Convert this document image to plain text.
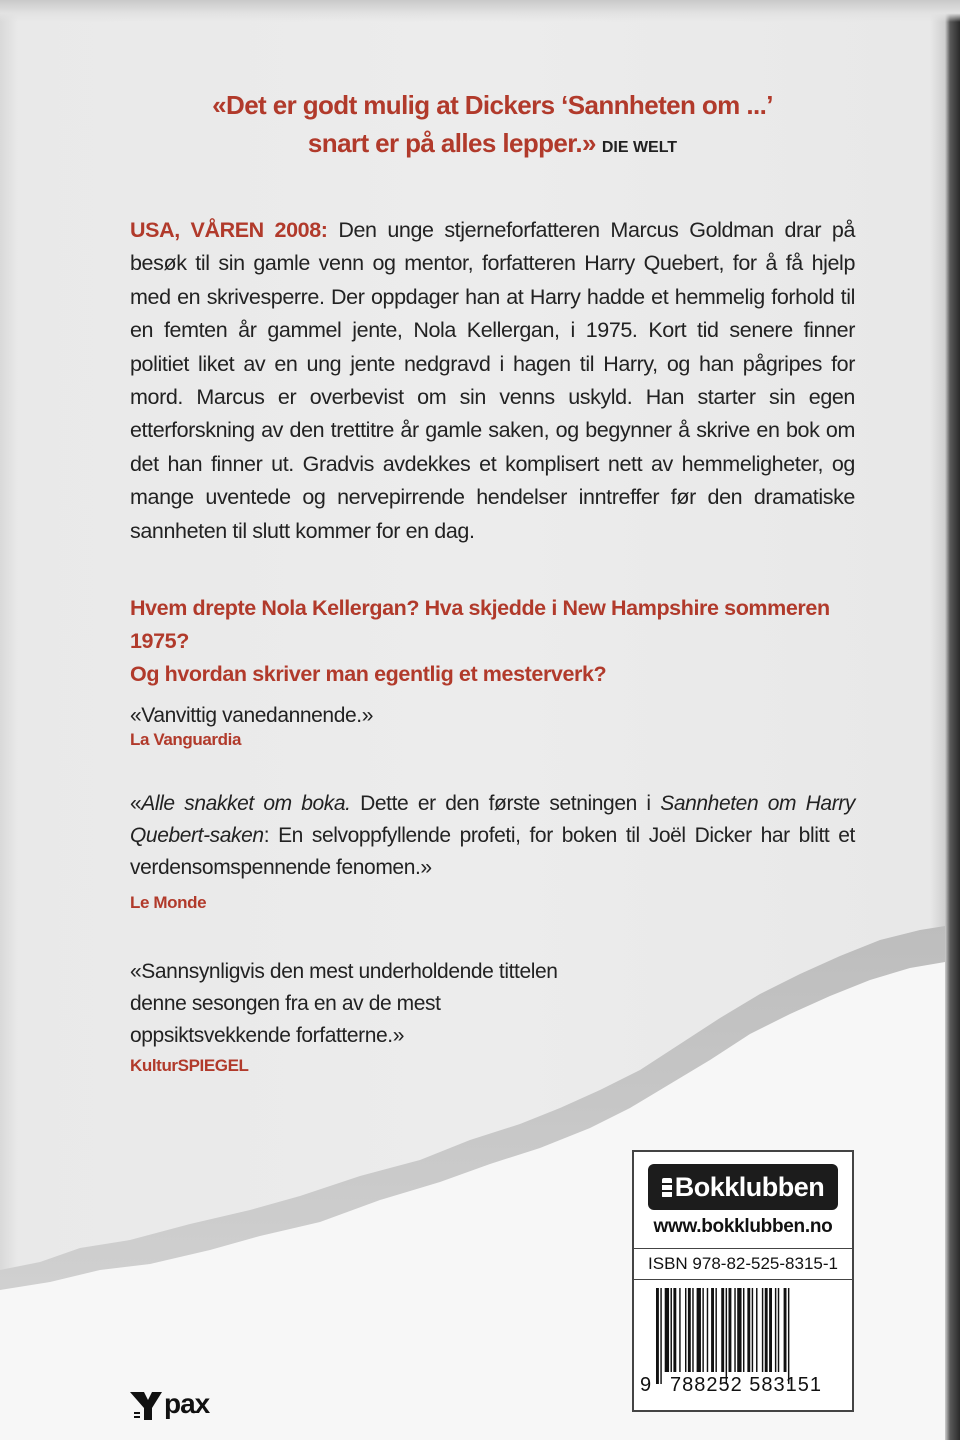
«Det er godt mulig at Dickers ‘Sannheten om ...’
snart er på alles lepper.» DIE WELT
USA, VÅREN 2008: Den unge stjerneforfatteren Marcus Goldman drar på besøk til sin gamle venn og mentor, forfatteren Harry Quebert, for å få hjelp med en skrivesperre. Der oppdager han at Harry hadde et hemmelig forhold til en femten år gammel jente, Nola Kellergan, i 1975. Kort tid senere finner politiet liket av en ung jente nedgravd i hagen til Harry, og han pågripes for mord. Marcus er overbevist om sin venns uskyld. Han starter sin egen etterforskning av den trettitre år gamle saken, og begynner å skrive en bok om det han finner ut. Gradvis avdekkes et komplisert nett av hemmeligheter, og mange uventede og nervepirrende hendelser inntreffer før den dramatiske sannheten til slutt kommer for en dag.
Hvem drepte Nola Kellergan? Hva skjedde i New Hampshire sommeren 1975?
Og hvordan skriver man egentlig et mesterverk?
«Vanvittig vanedannende.»
La Vanguardia
«Alle snakket om boka. Dette er den første setningen i Sannheten om Harry Quebert-saken: En selvoppfyllende profeti, for boken til Joël Dicker har blitt et verdensomspennende fenomen.»
Le Monde
«Sannsynligvis den mest underholdende tittelen denne sesongen fra en av de mest oppsiktsvekkende forfatterne.»
KulturSPIEGEL
Bokklubben
www.bokklubben.no
ISBN 978-82-525-8315-1
9 788252 583151
pax
